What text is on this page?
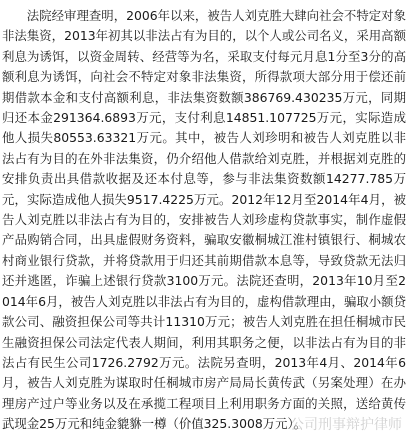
法院经审理查明，2006年以来，被告人刘克胜大肆向社会不特定对象非法集资，2013年初其以非法占有为目的，以个人或公司名义，采用高额利息为诱饵，以资金周转、经营等为名，采取支付每元月息1分至3分的高额利息为诱饵，向社会不特定对象非法集资，所得款项大部分用于偿还前期借款本金和支付高额利息，非法集资数额386769.430235万元，同期归还本金291364.6893万元，支付利息14851.107725万元，实际造成他人损失80553.63321万元。其中，被告人刘珍明和被告人刘克胜以非法占有为目的在外非法集资，仍介绍他人借款给刘克胜，并根据刘克胜的安排负责出具借款收据及还本付息等，参与非法集资数额14277.785万元，实际造成他人损失9517.4225万元。2012年12月至2014年4月，被告人刘克胜以非法占有为目的，安排被告人刘珍虚构贷款事实，制作虚假产品购销合同，出具虚假财务资料，骗取安徽桐城江淮村镇银行、桐城农村商业银行贷款，并将贷款用于归还其前期借款本息等，导致贷款无法归还并逃匿，诈骗上述银行贷款3100万元。法院还查明，2013年10月至2014年6月，被告人刘克胜以非法占有为目的，虚构借款理由，骗取小额贷款公司、融资担保公司等共计11310万元；被告人刘克胜在担任桐城市民生融资担保公司法定代表人期间，利用其职务之便，以非法占有为目的非法占有民生公司1726.2792万元。法院另查明，2013年4月、2014年6月，被告人刘克胜为谋取时任桐城市房产局局长黄传武（另案处理）在办理房产过户等业务以及在承揽工程项目上利用职务方面的关照，送给黄传武现金25万元和纯金貔貅一樽（价值325.3008万元）。

公司刑事辩护律师
